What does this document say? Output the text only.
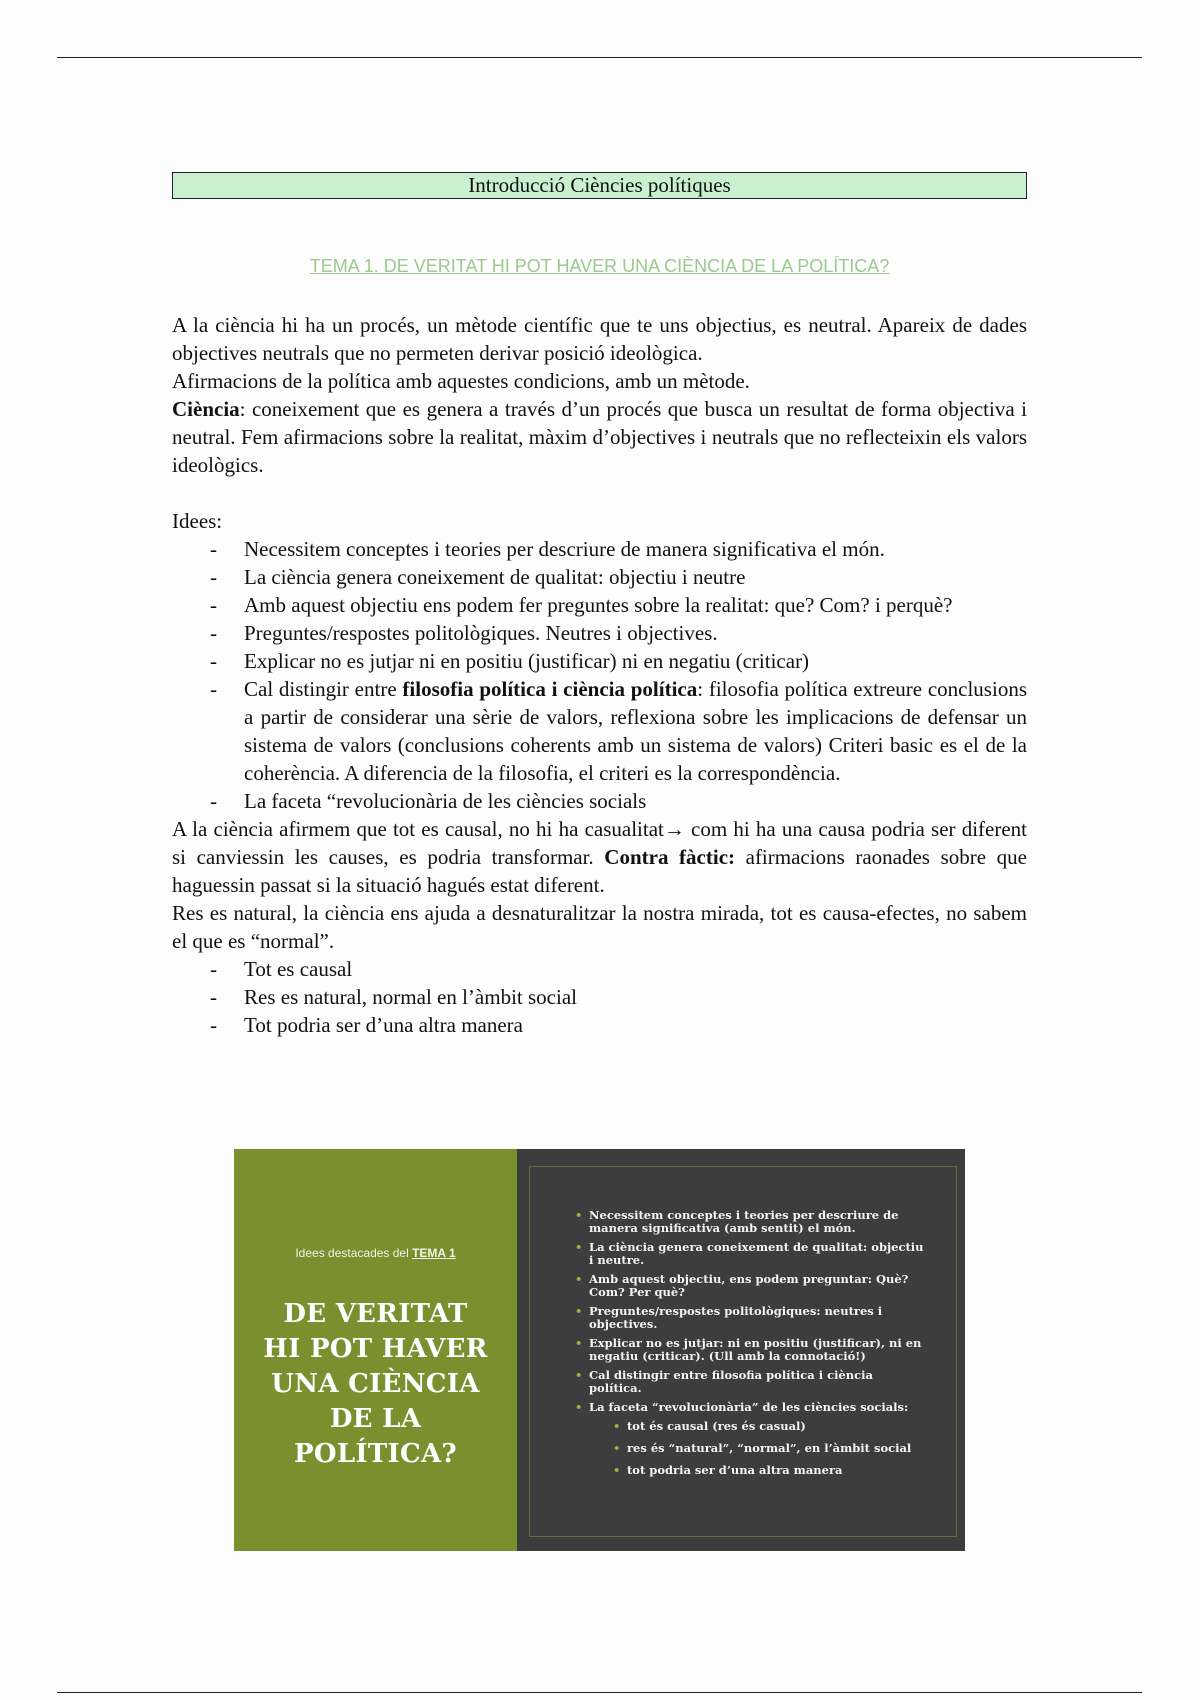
Introducció Ciències polítiques
TEMA 1. DE VERITAT HI POT HAVER UNA CIÈNCIA DE LA POLÍTICA?

A la ciència hi ha un procés, un mètode científic que te uns objectius, es neutral. Apareix de dades objectives neutrals que no permeten derivar posició ideològica.

Afirmacions de la política amb aquestes condicions, amb un mètode.

Ciència: coneixement que es genera a través d’un procés que busca un resultat de forma objectiva i neutral. Fem afirmacions sobre la realitat, màxim d’objectives i neutrals que no reflecteixin els valors ideològics.

Idees:

- Necessitem conceptes i teories per descriure de manera significativa el món.
- La ciència genera coneixement de qualitat: objectiu i neutre
- Amb aquest objectiu ens podem fer preguntes sobre la realitat: que? Com? i perquè?
- Preguntes/respostes politològiques. Neutres i objectives.
- Explicar no es jutjar ni en positiu (justificar) ni en negatiu (criticar)
- Cal distingir entre filosofia política i ciència política: filosofia política extreure conclusions a partir de considerar una sèrie de valors, reflexiona sobre les implicacions de defensar un sistema de valors (conclusions coherents amb un sistema de valors) Criteri basic es el de la coherència. A diferencia de la filosofia, el criteri es la correspondència.
- La faceta “revolucionària de les ciències socials

A la ciència afirmem que tot es causal, no hi ha casualitat→ com hi ha una causa podria ser diferent si canviessin les causes, es podria transformar. Contra fàctic: afirmacions raonades sobre que haguessin passat si la situació hagués estat diferent.

Res es natural, la ciència ens ajuda a desnaturalitzar la nostra mirada, tot es causa-efectes, no sabem el que es “normal”.

- Tot es causal
- Res es natural, normal en l’àmbit social
- Tot podria ser d’una altra manera
Idees destacades del TEMA 1
DE VERITAT
HI POT HAVER
UNA CIÈNCIA
DE LA
POLÍTICA?
• Necessitem conceptes i teories per descriure de manera significativa (amb sentit) el món.
• La ciència genera coneixement de qualitat: objectiu i neutre.
• Amb aquest objectiu, ens podem preguntar: Què? Com? Per què?
• Preguntes/respostes politològiques: neutres i objectives.
• Explicar no es jutjar: ni en positiu (justificar), ni en negatiu (criticar). (Ull amb la connotació!)
• Cal distingir entre filosofia política i ciència política.
• La faceta “revolucionària” de les ciències socials:
• tot és causal (res és casual)
• res és “natural”, “normal”, en l’àmbit social
• tot podria ser d’una altra manera
